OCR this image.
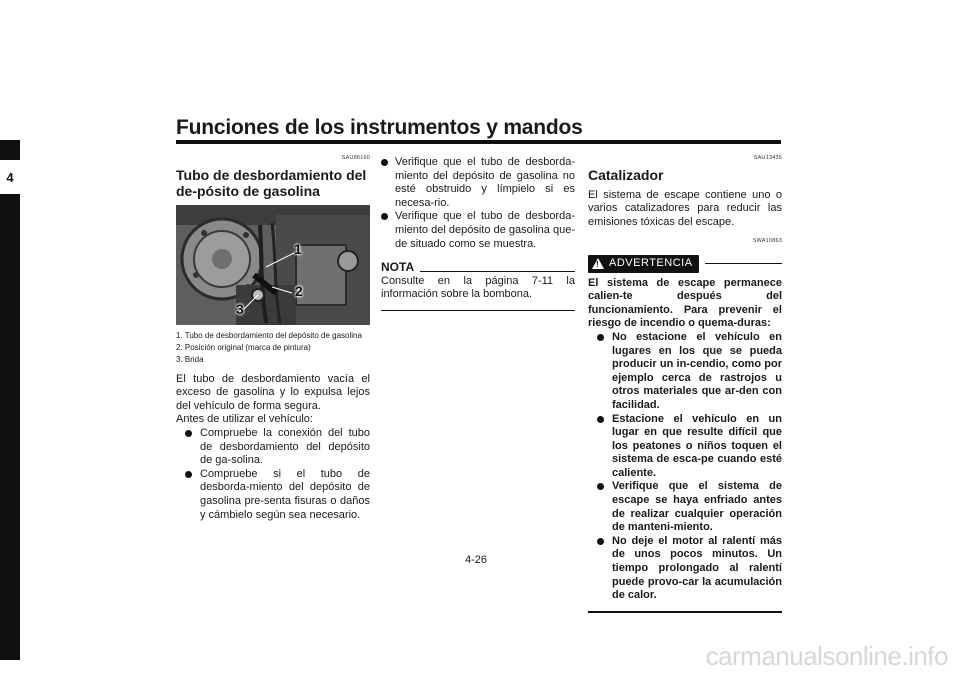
Funciones de los instrumentos y mandos
4
SAU86160
Tubo de desbordamiento del de-pósito de gasolina
1
2
3
1. Tubo de desbordamiento del depósito de gasolina
2. Posición original (marca de pintura)
3. Brida

El tubo de desbordamiento vacía el exceso de gasolina y lo expulsa lejos del vehículo de forma segura.

Antes de utilizar el vehículo:

Compruebe la conexión del tubo de desbordamiento del depósito de ga-solina.
Compruebe si el tubo de desborda-miento del depósito de gasolina pre-senta fisuras o daños y cámbielo según sea necesario.
Verifique que el tubo de desborda-miento del depósito de gasolina no esté obstruido y límpielo si es necesa-rio.
Verifique que el tubo de desborda-miento del depósito de gasolina que-de situado como se muestra.
NOTA

Consulte en la página 7-11 la información sobre la bombona.

SAU13435
Catalizador

El sistema de escape contiene uno o varios catalizadores para reducir las emisiones tóxicas del escape.

SWA10863
! ADVERTENCIA

El sistema de escape permanece calien-te después del funcionamiento. Para prevenir el riesgo de incendio o quema-duras:

No estacione el vehículo en lugares en los que se pueda producir un in-cendio, como por ejemplo cerca de rastrojos u otros materiales que ar-den con facilidad.
Estacione el vehículo en un lugar en que resulte difícil que los peatones o niños toquen el sistema de esca-pe cuando esté caliente.
Verifique que el sistema de escape se haya enfriado antes de realizar cualquier operación de manteni-miento.
No deje el motor al ralentí más de unos pocos minutos. Un tiempo prolongado al ralentí puede provo-car la acumulación de calor.
4-26
carmanualsonline.info
